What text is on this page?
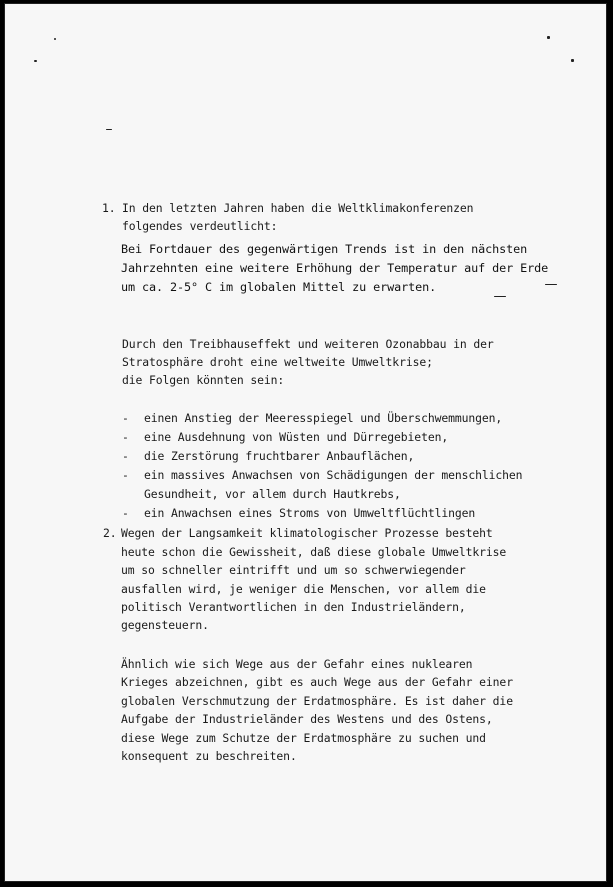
1. In den letzten Jahren haben die Weltklimakonferenzen
folgendes verdeutlicht:
Bei Fortdauer des gegenwärtigen Trends ist in den nächsten
Jahrzehnten eine weitere Erhöhung der Temperatur auf der Erde
um ca. 2-5° C im globalen Mittel zu erwarten.
Durch den Treibhauseffekt und weiteren Ozonabbau in der
Stratosphäre droht eine weltweite Umweltkrise;
die Folgen könnten sein:
- einen Anstieg der Meeresspiegel und Überschwemmungen,
- eine Ausdehnung von Wüsten und Dürregebieten,
- die Zerstörung fruchtbarer Anbauflächen,
- ein massives Anwachsen von Schädigungen der menschlichen
Gesundheit, vor allem durch Hautkrebs,
- ein Anwachsen eines Stroms von Umweltflüchtlingen
2. Wegen der Langsamkeit klimatologischer Prozesse besteht
heute schon die Gewissheit, daß diese globale Umweltkrise
um so schneller eintrifft und um so schwerwiegender
ausfallen wird, je weniger die Menschen, vor allem die
politisch Verantwortlichen in den Industrieländern,
gegensteuern.
Ähnlich wie sich Wege aus der Gefahr eines nuklearen
Krieges abzeichnen, gibt es auch Wege aus der Gefahr einer
globalen Verschmutzung der Erdatmosphäre. Es ist daher die
Aufgabe der Industrieländer des Westens und des Ostens,
diese Wege zum Schutze der Erdatmosphäre zu suchen und
konsequent zu beschreiten.
